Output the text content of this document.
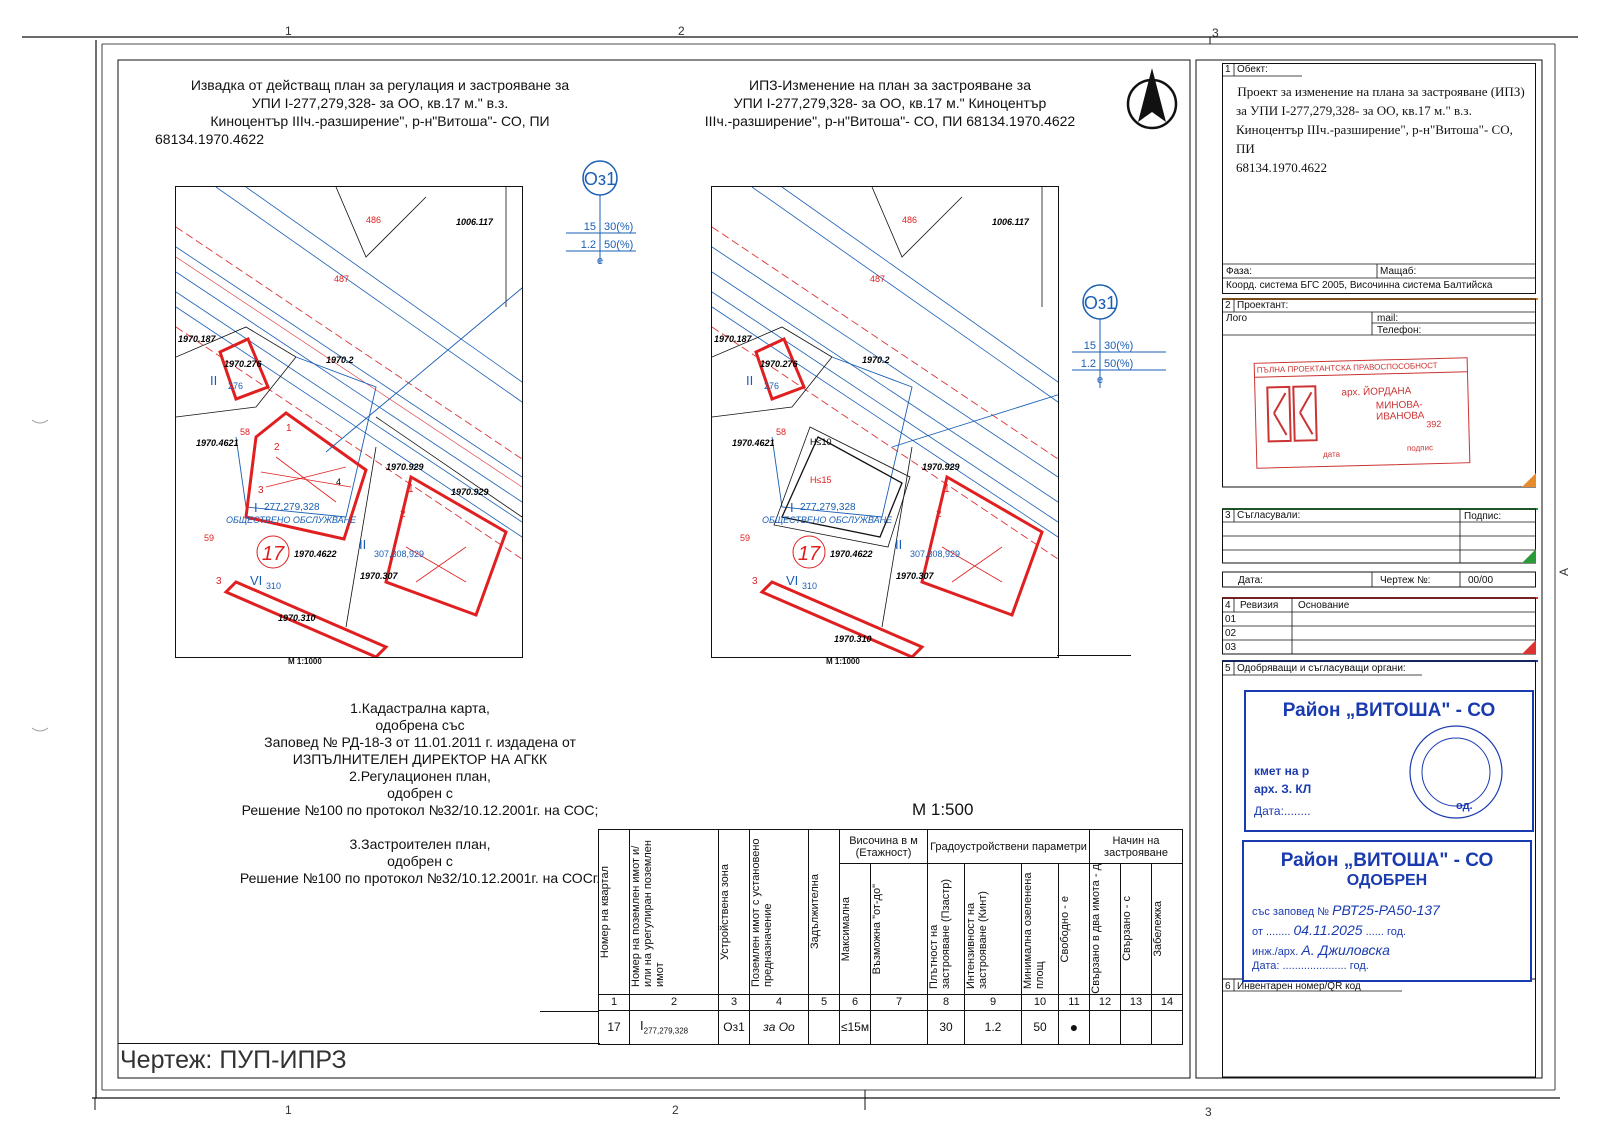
1	2	3
1	2	3
A
Извадка от действащ план за регулация и застрояване за
УПИ I-277,279,328- за ОО, кв.17 м." в.з.
Киноцентър IIIч.-разширение", р-н"Витоша"- СО, ПИ
68134.1970.4622
ИПЗ-Изменение на план за застрояване за
УПИ I-277,279,328- за ОО, кв.17 м." Киноцентър
IIIч.-разширение", р-н"Витоша"- СО, ПИ 68134.1970.4622
Оз1
15 30(%)
1.2 50(%)
е
Оз1
15 30(%)
1.2 50(%)
е
17
1006.117
1970.187
1970.276	1970.2
1970.4621
1970.929
1970.929
1970.4622
1970.307
1970.310
277,279,328
ОБЩЕСТВЕНО ОБСЛУЖВАНЕ
276
310
307,308,929
II
II
I
VI
1
2
3
4
58
59
486
487
1
2
3
М 1:1000
17
H≤10
H≤15
1006.117
1970.187
1970.276	1970.2
1970.4621
1970.929
1970.4622
1970.307
1970.310
277,279,328
ОБЩЕСТВЕНО ОБСЛУЖВАНЕ
276
310
307,308,929
II
II
I
VI
58
59
486
487
1
2
3
М 1:1000
1.Кадастрална карта,
одобрена със
Заповед № РД-18-3 от 11.01.2011 г. издадена от
ИЗПЪЛНИТЕЛЕН ДИРЕКТОР НА АГКК
2.Регулационен план,
одобрен с
Решение №100 по протокол №32/10.12.2001г. на СОС;
3.Застроителен план,
одобрен с
Решение №100 по протокол №32/10.12.2001г. на СОСг.
М 1:500
Номер на квартал	Номер на поземлен имот и/или на урегулиран поземлен имот	Устройствена зона	Поземлен имот с установено предназначение	Задължителна	Височина в м (Етажност)		Градоустройствени параметри				Начин на застрояване		

					Максимална	Възможна "от-до"	Плътност на застрояване (Пзастр)	Интензивност на застрояване (Кинт)	Минимална озеленена площ	Свободно - е	Свързано в два имота - д	Свързано - с	Забележка

1	2	3	4	5	6	7	8	9	10	11	12	13	14
17	$I_{277,279,328}$	Оз1	за Оо		≤15м		30	1.2	50	●			
Чертеж: ПУП-ИПРЗ
1 Обект:
Проект за изменение на плана за застрояване (ИПЗ)
за УПИ I-277,279,328- за ОО, кв.17 м." в.з.
Киноцентър IIIч.-разширение", р-н"Витоша"- СО, ПИ
68134.1970.4622
Фаза:	Мащаб:
Коорд. система БГС 2005, Височинна система Балтийска
2 Проектант:
Лого	mail:
Телефон:
ПЪЛНА ПРОЕКТАНТСКА ПРАВОСПОСОБНОСТ
арх. ЙОРДАНА
МИНОВА-ИВАНОВА
392
дата
подпис
3 Съгласували:	Подпис:
Дата:	Чертеж №:	00/00
4 Ревизия Основание
01
02
03
5 Одобряващи и съгласуващи органи:
Район „ВИТОША" - СО
кмет на р
арх. З. КЛ
Дата:........	од.
Район „ВИТОША" - СО
ОДОБРЕН
със заповед № РВТ25-РА50-137
от ........ 04.11.2025 ...... год.
инж./арх. А. Джиловска
Дата: ..................... год.
6 Инвентарен номер/QR код
